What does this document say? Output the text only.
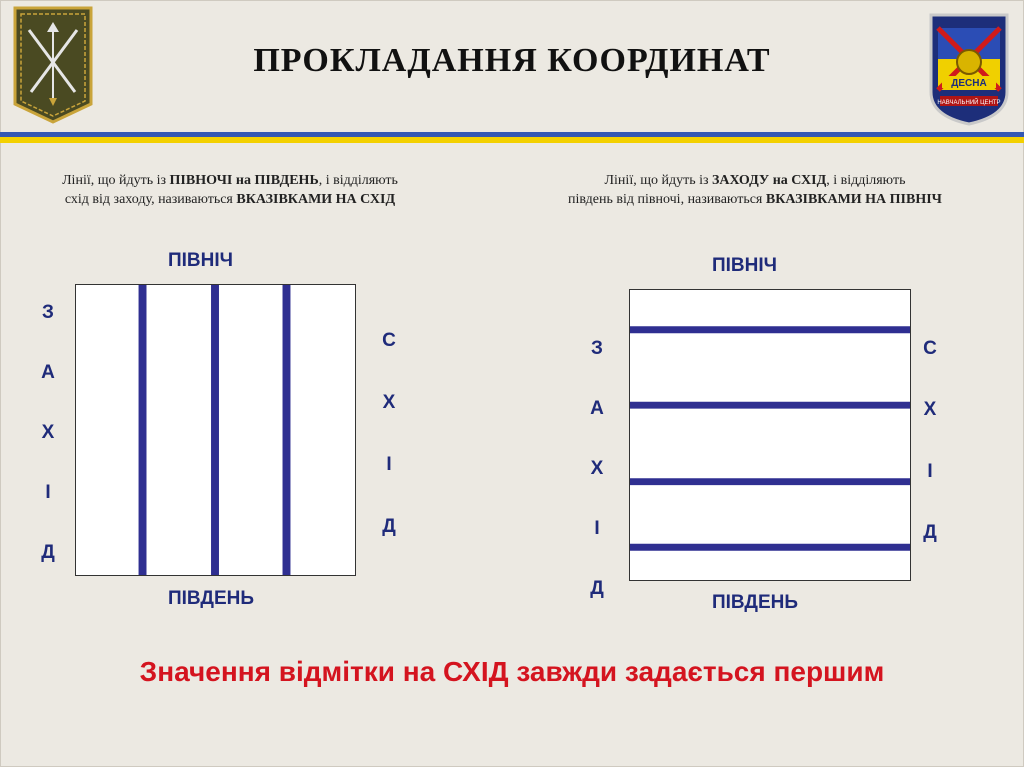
ПРОКЛАДАННЯ КООРДИНАТ
ДЕСНА
НАВЧАЛЬНИЙ ЦЕНТР
Лінії, що йдуть із ПІВНОЧІ на ПІВДЕНЬ, і відділяють
схід від заходу, називаються ВКАЗІВКАМИ НА СХІД
Лінії, що йдуть із ЗАХОДУ на СХІД, і відділяють
південь від півночі, називаються ВКАЗІВКАМИ НА ПІВНІЧ
ПІВНІЧ
З
А
Х
І
Д
С
Х
І
Д
ПІВДЕНЬ
ПІВНІЧ
З
А
Х
І
Д
С
Х
І
Д
ПІВДЕНЬ
Значення відмітки на СХІД завжди задається першим
